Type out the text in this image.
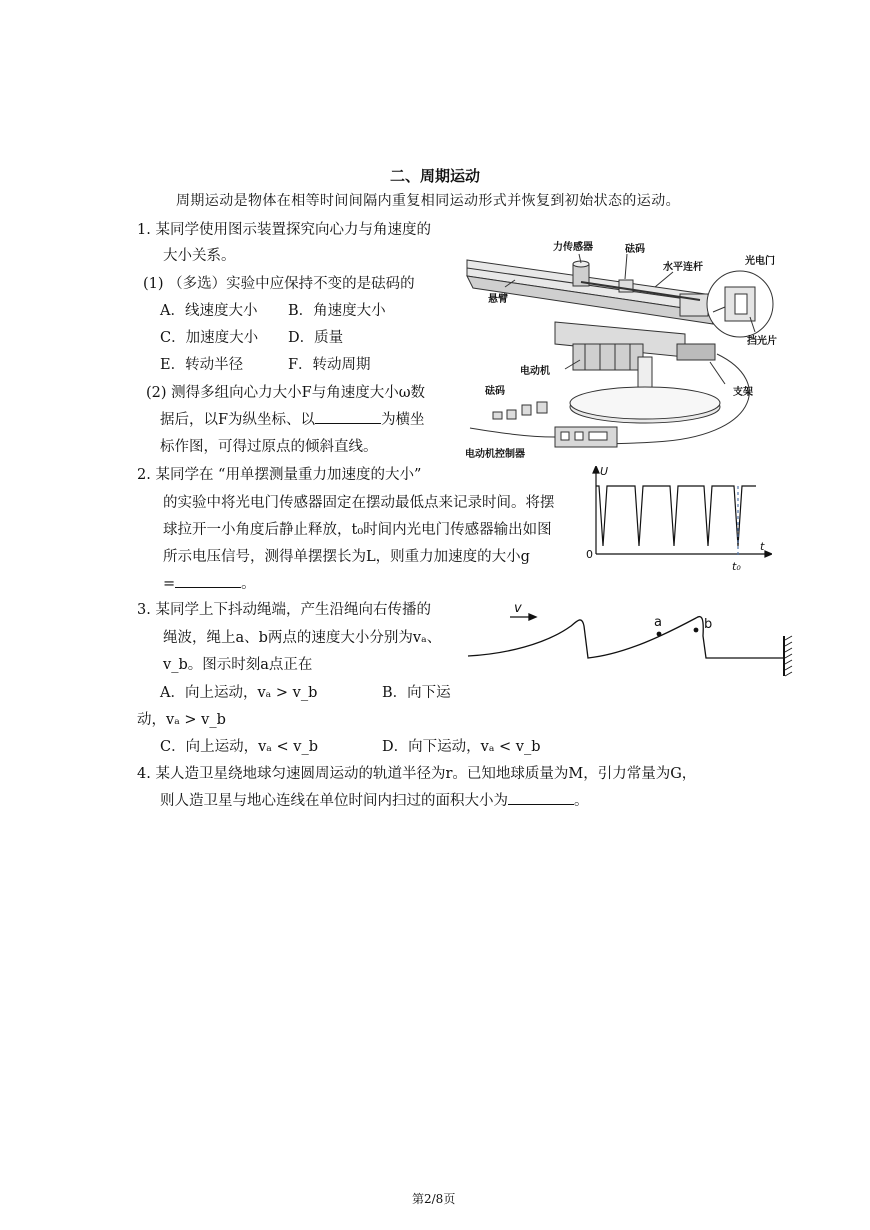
二、周期运动
周期运动是物体在相等时间间隔内重复相同运动形式并恢复到初始状态的运动。
1. 某同学使用图示装置探究向心力与角速度的
大小关系。
(1) （多选）实验中应保持不变的是砝码的
A．线速度大小 B．角速度大小
C．加速度大小 D．质量
E．转动半径	F．转动周期
(2) 测得多组向心力大小F与角速度大小ω数
据后，以F为纵坐标、以	为横坐
标作图，可得过原点的倾斜直线。
力传感器	砝码
水平连杆
光电门
悬臂
挡光片
电动机
支架
砝码
电动机控制器
2. 某同学在 “用单摆测量重力加速度的大小”
的实验中将光电门传感器固定在摆动最低点来记录时间。将摆
球拉开一小角度后静止释放，t₀时间内光电门传感器输出如图
所示电压信号，测得单摆摆长为L，则重力加速度的大小g
=	。
U
t
0
t₀
3. 某同学上下抖动绳端，产生沿绳向右传播的
绳波，绳上a、b两点的速度大小分别为vₐ、
v_b。图示时刻a点正在
A．向上运动，vₐ > v_b	B．向下运
动，vₐ > v_b
C．向上运动，vₐ < v_b	D．向下运动，vₐ < v_b
v
a	b
4. 某人造卫星绕地球匀速圆周运动的轨道半径为r。已知地球质量为M，引力常量为G，
则人造卫星与地心连线在单位时间内扫过的面积大小为	。
第2/8页
